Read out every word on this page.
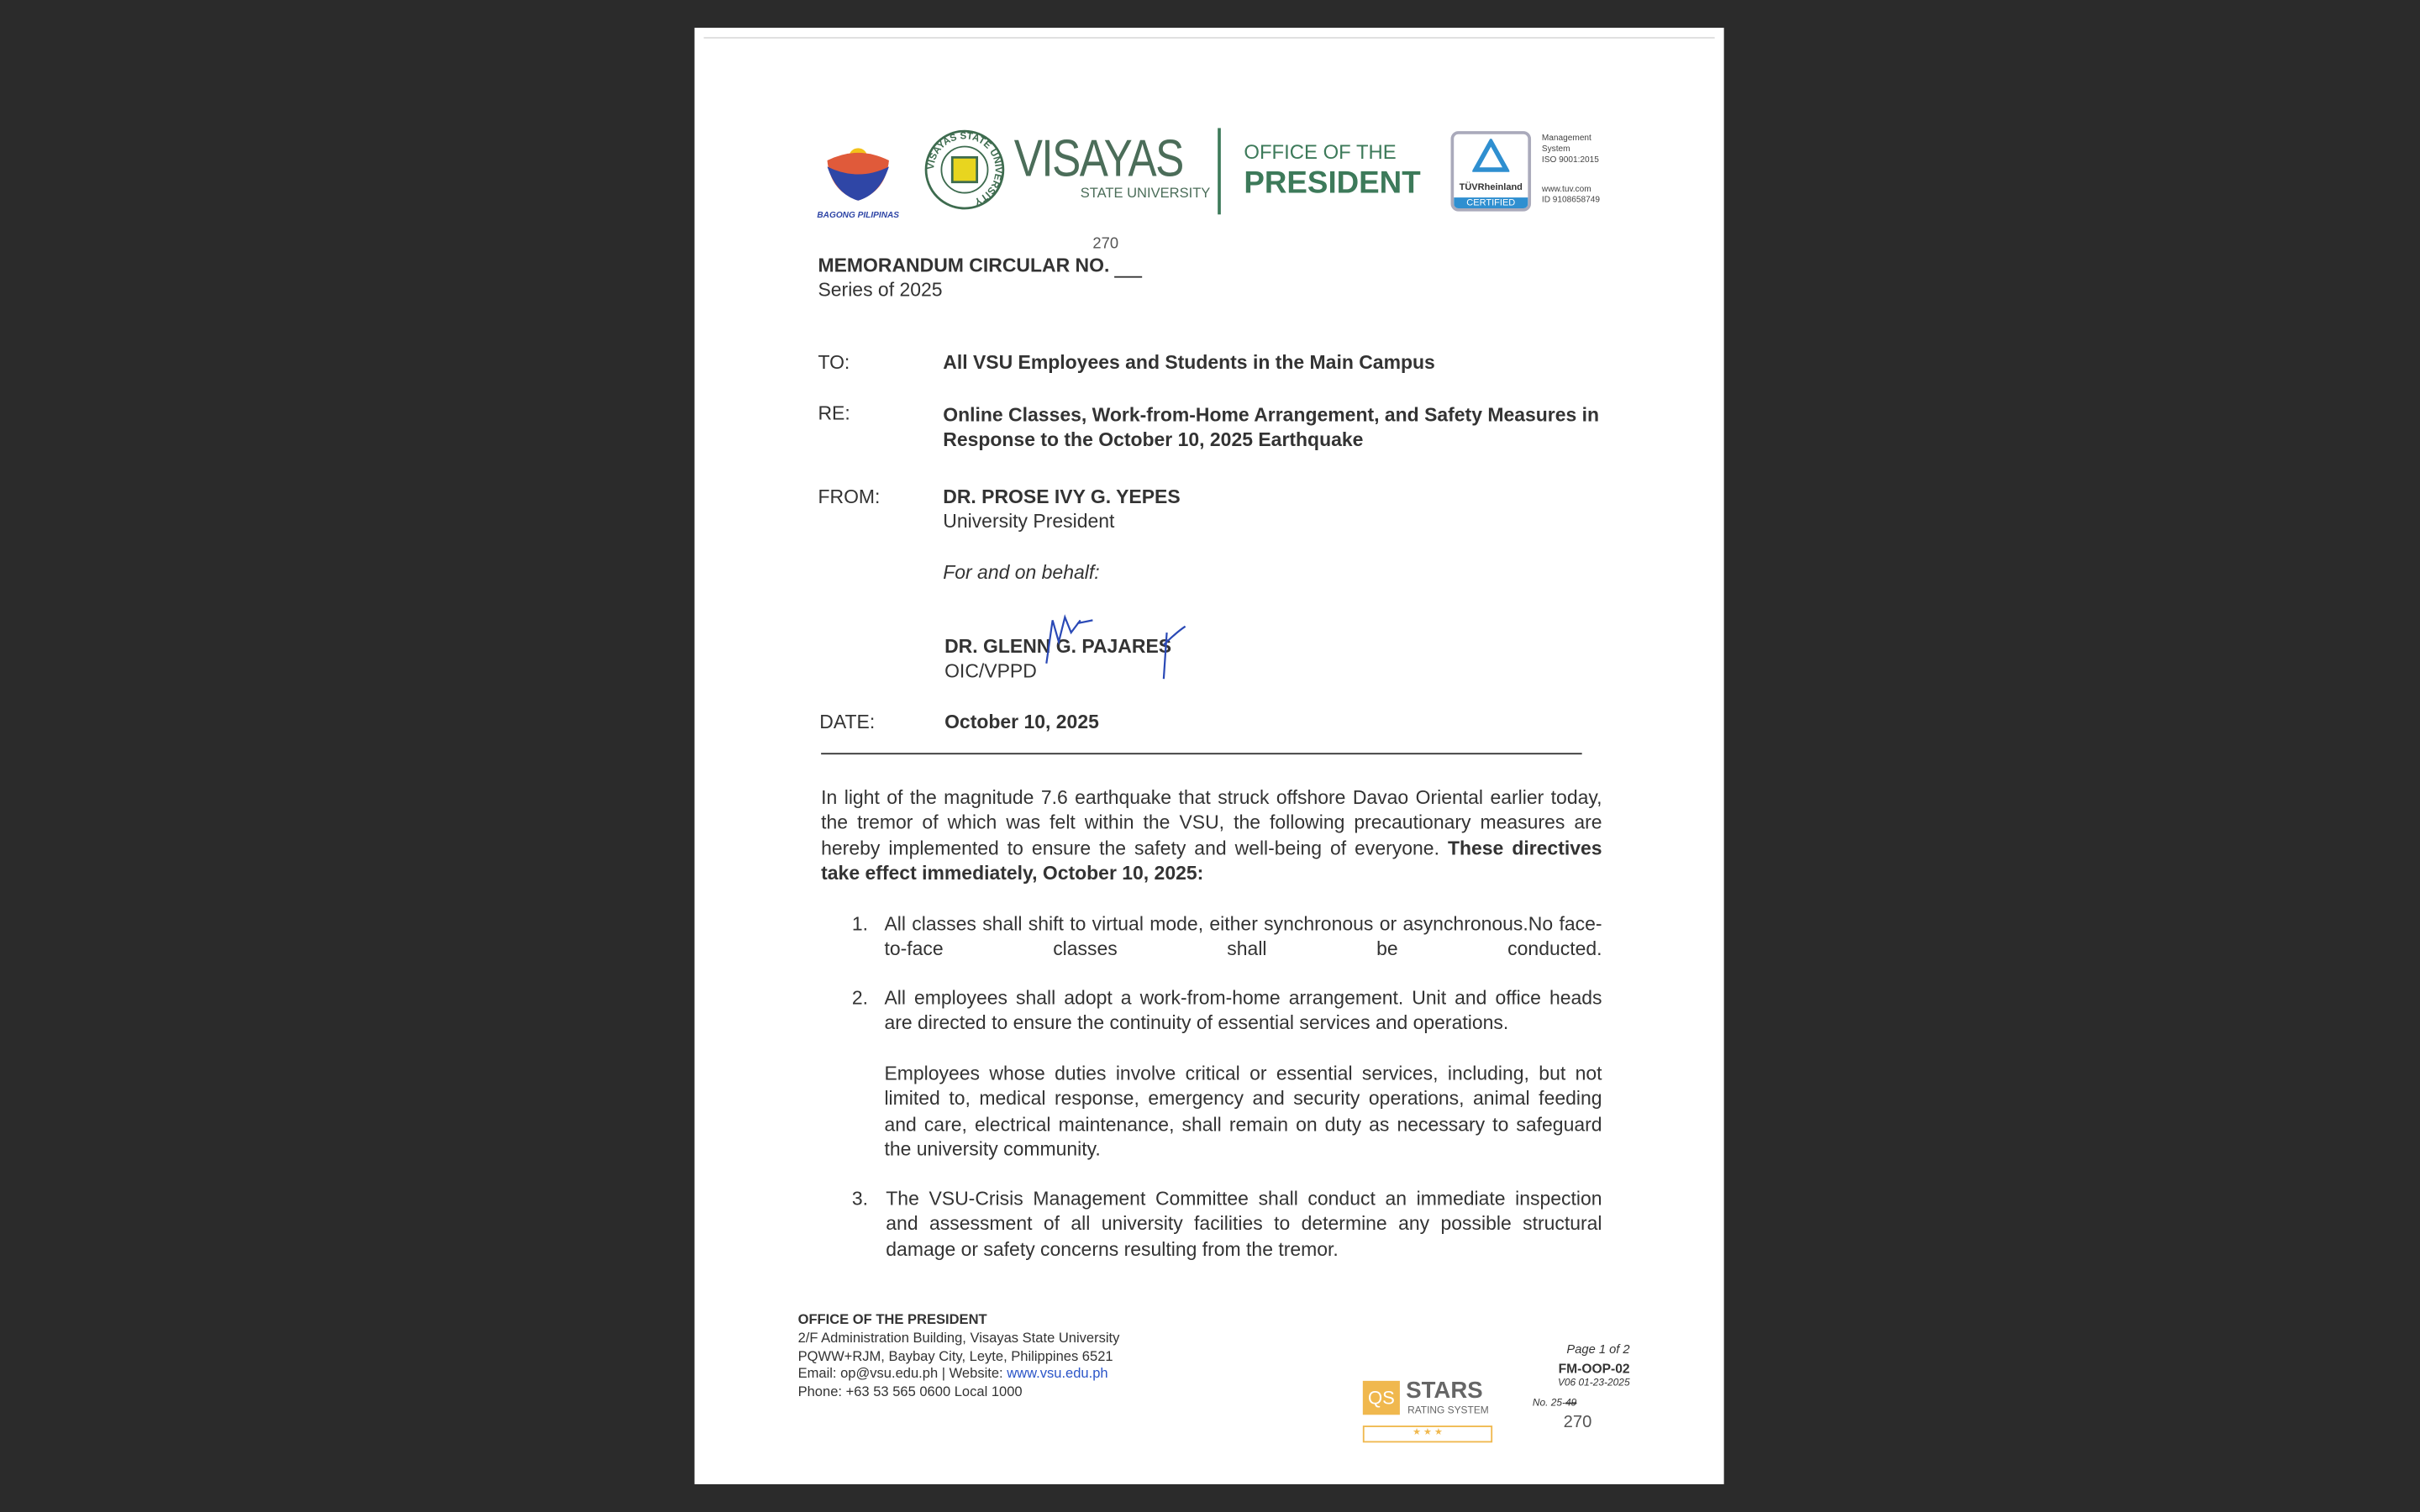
BAGONG PILIPINAS
VISAYAS STATE UNIVERSITY
VISAYAS
STATE UNIVERSITY
OFFICE OF THE
PRESIDENT	TÜVRheinland
CERTIFIED
Management
System
ISO 9001:2015
www.tuv.com
ID 9108658749
MEMORANDUM CIRCULAR NO.
270
Series of 2025
TO:	All VSU Employees and Students in the Main Campus
RE:	Online Classes, Work-from-Home Arrangement, and Safety Measures in
Response to the October 10, 2025 Earthquake
FROM:	DR. PROSE IVY G. YEPES
University President
For and on behalf:
DR. GLENN G. PAJARES
OIC/VPPD
DATE:	October 10, 2025
In light of the magnitude 7.6 earthquake that struck offshore Davao Oriental earlier today, the tremor of which was felt within the VSU, the following precautionary measures are hereby implemented to ensure the safety and well-being of everyone. These directives take effect immediately, October 10, 2025:
1. All classes shall shift to virtual mode, either synchronous or asynchronous.No face-to-face classes shall be conducted.
2. All employees shall adopt a work-from-home arrangement. Unit and office heads are directed to ensure the continuity of essential services and operations.
Employees whose duties involve critical or essential services, including, but not limited to, medical response, emergency and security operations, animal feeding and care, electrical maintenance, shall remain on duty as necessary to safeguard the university community.
3. The VSU-Crisis Management Committee shall conduct an immediate inspection and assessment of all university facilities to determine any possible structural damage or safety concerns resulting from the tremor.
OFFICE OF THE PRESIDENT
2/F Administration Building, Visayas State University
PQWW+RJM, Baybay City, Leyte, Philippines 6521
Email: op@vsu.edu.ph | Website: www.vsu.edu.ph
Phone: +63 53 565 0600 Local 1000	QS STARS
RATING SYSTEM
★ ★ ★
Page 1 of 2
FM-OOP-02
V06 01-23-2025
No. 25-49
270
